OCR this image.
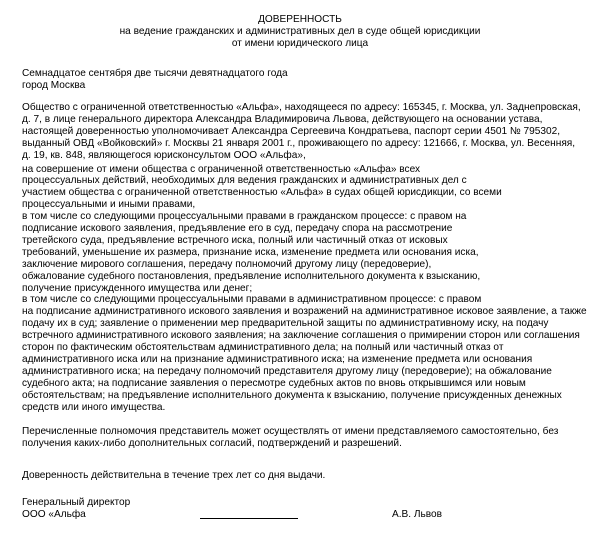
ДОВЕРЕННОСТЬ
на ведение гражданских и административных дел в суде общей юрисдикции
от имени юридического лица
Семнадцатое сентября две тысячи девятнадцатого года
город Москва
Общество с ограниченной ответственностью «Альфа», находящееся по адресу: 165345, г. Москва, ул. Заднепровская,
д. 7, в лице генерального директора Александра Владимировича Львова, действующего на основании устава,
настоящей доверенностью уполномочивает Александра Сергеевича Кондратьева, паспорт серии 4501 № 795302,
выданный ОВД «Войковский» г. Москвы 21 января 2001 г., проживающего по адресу: 121666, г. Москва, ул. Весенняя,
д. 19, кв. 848, являющегося юрисконсультом ООО «Альфа»,
на совершение от имени общества с ограниченной ответственностью «Альфа» всех
процессуальных действий, необходимых для ведения гражданских и административных дел с
участием общества с ограниченной ответственностью «Альфа» в судах общей юрисдикции, со всеми
процессуальными и иными правами,
в том числе со следующими процессуальными правами в гражданском процессе: с правом на
подписание искового заявления, предъявление его в суд, передачу спора на рассмотрение
третейского суда, предъявление встречного иска, полный или частичный отказ от исковых
требований, уменьшение их размера, признание иска, изменение предмета или основания иска,
заключение мирового соглашения, передачу полномочий другому лицу (передоверие),
обжалование судебного постановления, предъявление исполнительного документа к взысканию,
получение присужденного имущества или денег;
в том числе со следующими процессуальными правами в административном процессе: с правом
на подписание административного искового заявления и возражений на административное исковое заявление, а также
подачу их в суд; заявление о применении мер предварительной защиты по административному иску, на подачу
встречного административного искового заявления; на заключение соглашения о примирении сторон или соглашения
сторон по фактическим обстоятельствам административного дела; на полный или частичный отказ от
административного иска или на признание административного иска; на изменение предмета или основания
административного иска; на передачу полномочий представителя другому лицу (передоверие); на обжалование
судебного акта; на подписание заявления о пересмотре судебных актов по вновь открывшимся или новым
обстоятельствам; на предъявление исполнительного документа к взысканию, получение присужденных денежных
средств или иного имущества.
Перечисленные полномочия представитель может осуществлять от имени представляемого самостоятельно, без
получения каких-либо дополнительных согласий, подтверждений и разрешений.
Доверенность действительна в течение трех лет со дня выдачи.
Генеральный директор
ООО «Альфа	А.В. Львов
